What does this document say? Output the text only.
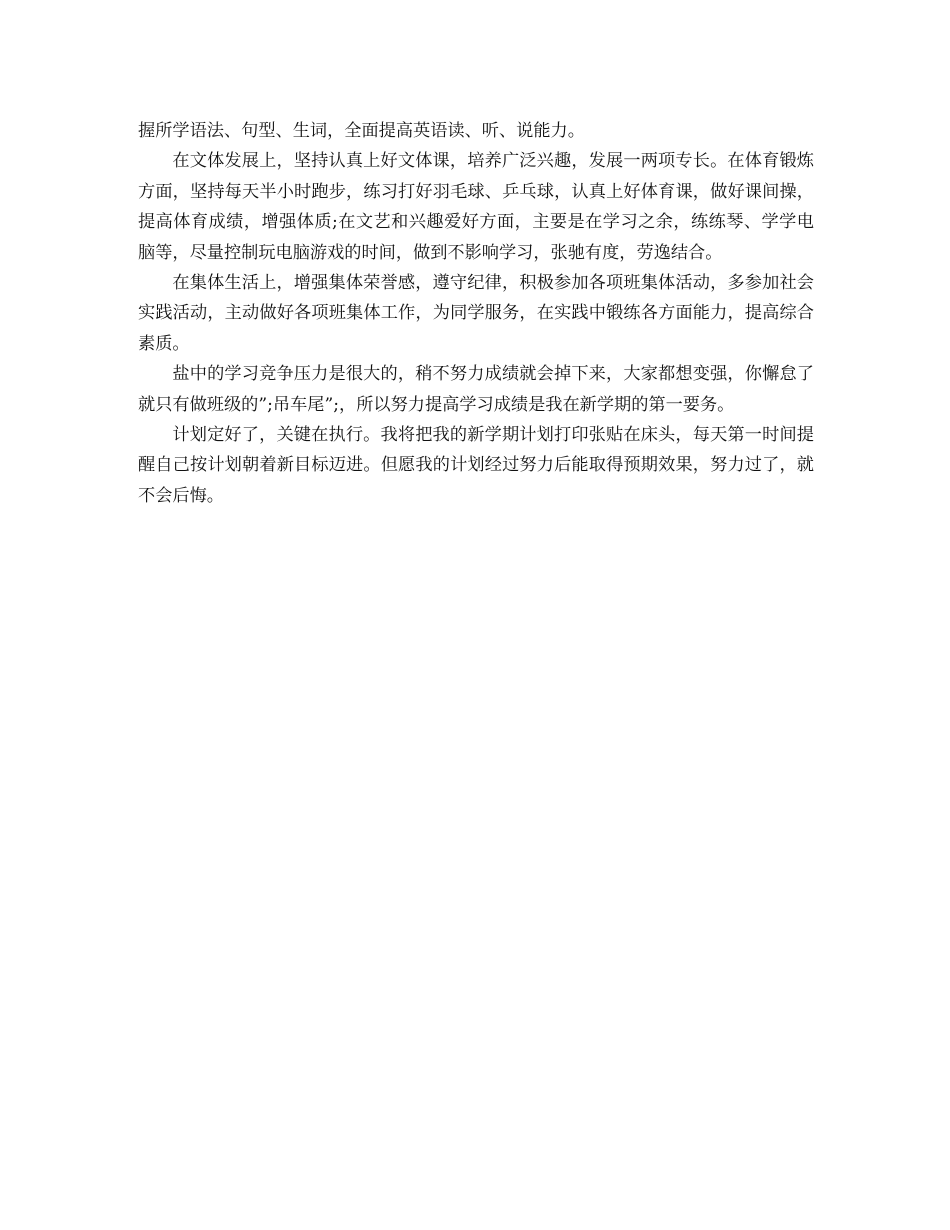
握所学语法、句型、生词，全面提高英语读、听、说能力。

在文体发展上，坚持认真上好文体课，培养广泛兴趣，发展一两项专长。在体育锻炼方面，坚持每天半小时跑步，练习打好羽毛球、乒乓球，认真上好体育课，做好课间操，提高体育成绩，增强体质;在文艺和兴趣爱好方面，主要是在学习之余，练练琴、学学电脑等，尽量控制玩电脑游戏的时间，做到不影响学习，张驰有度，劳逸结合。

在集体生活上，增强集体荣誉感，遵守纪律，积极参加各项班集体活动，多参加社会实践活动，主动做好各项班集体工作，为同学服务，在实践中锻练各方面能力，提高综合素质。

盐中的学习竞争压力是很大的，稍不努力成绩就会掉下来，大家都想变强，你懈怠了就只有做班级的”;吊车尾”;，所以努力提高学习成绩是我在新学期的第一要务。

计划定好了，关键在执行。我将把我的新学期计划打印张贴在床头，每天第一时间提醒自己按计划朝着新目标迈进。但愿我的计划经过努力后能取得预期效果，努力过了，就不会后悔。
